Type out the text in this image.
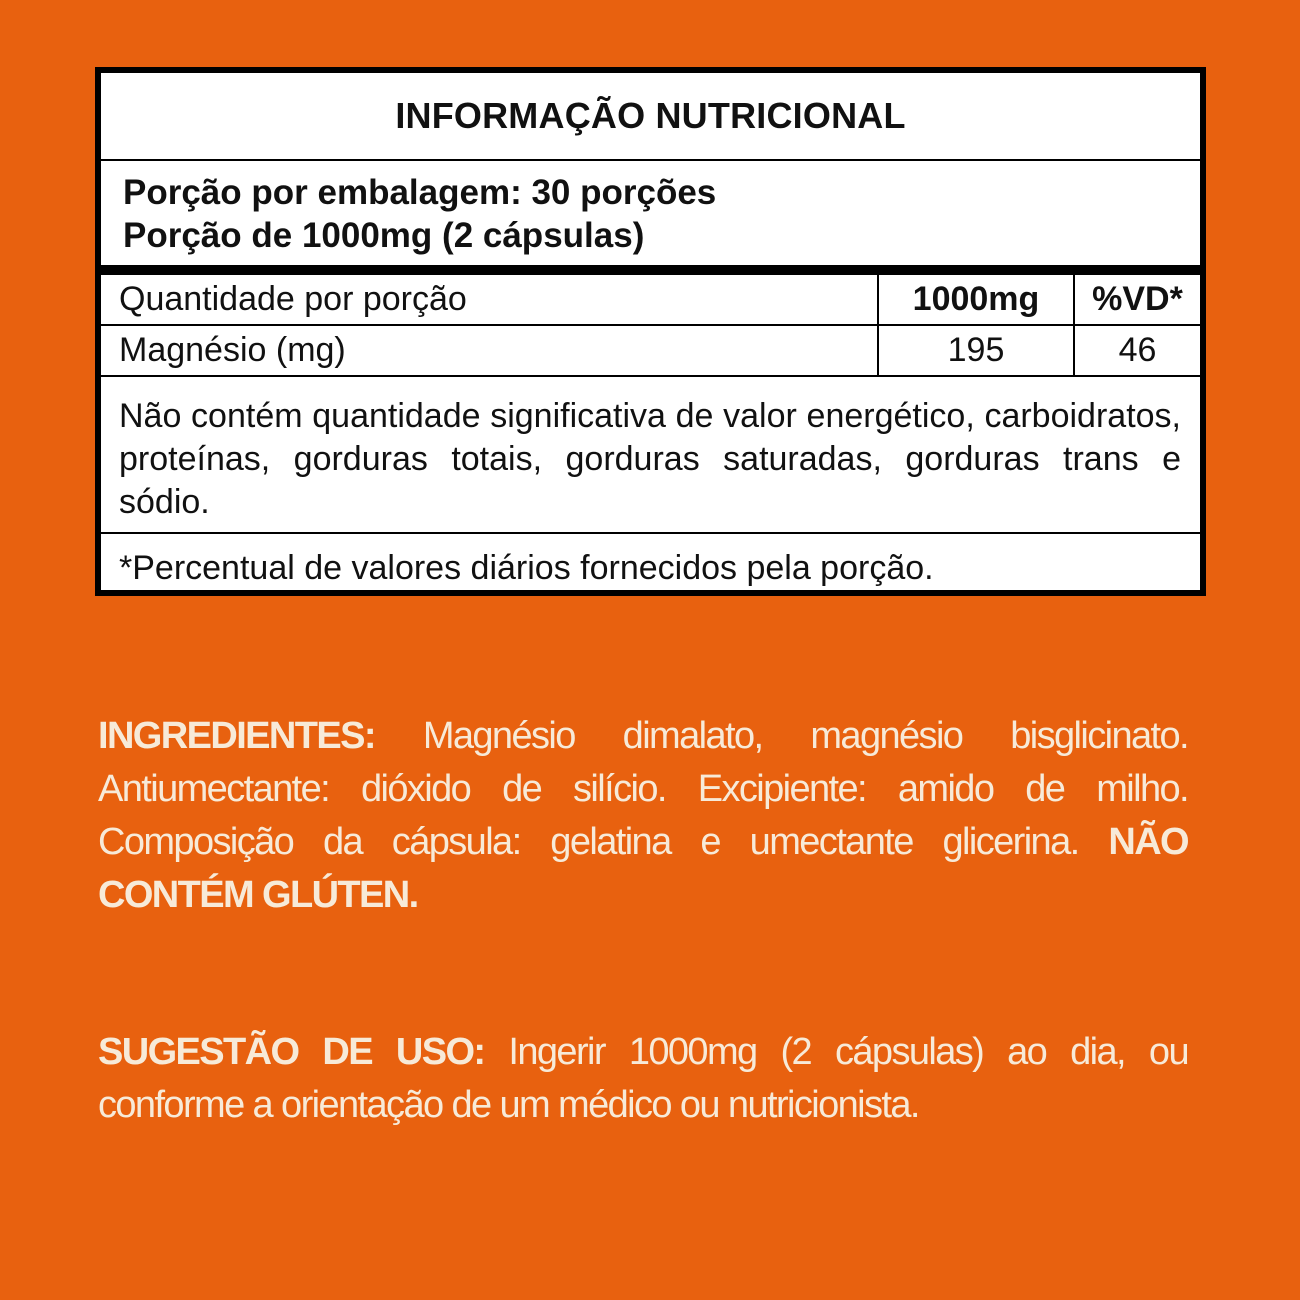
INFORMAÇÃO NUTRICIONAL
Porção por embalagem: 30 porções
Porção de 1000mg (2 cápsulas)
Quantidade por porção	1000mg	%VD*
Magnésio (mg)	195	46
Não contém quantidade significativa de valor energético, carboidratos, proteínas, gorduras totais, gorduras saturadas, gorduras trans e sódio.
*Percentual de valores diários fornecidos pela porção.
INGREDIENTES: Magnésio dimalato, magnésio bisglicinato. Antiumectante: dióxido de silício. Excipiente: amido de milho. Composição da cápsula: gelatina e umectante glicerina. NÃO CONTÉM GLÚTEN.
SUGESTÃO DE USO: Ingerir 1000mg (2 cápsulas) ao dia, ou conforme a orientação de um médico ou nutricionista.
